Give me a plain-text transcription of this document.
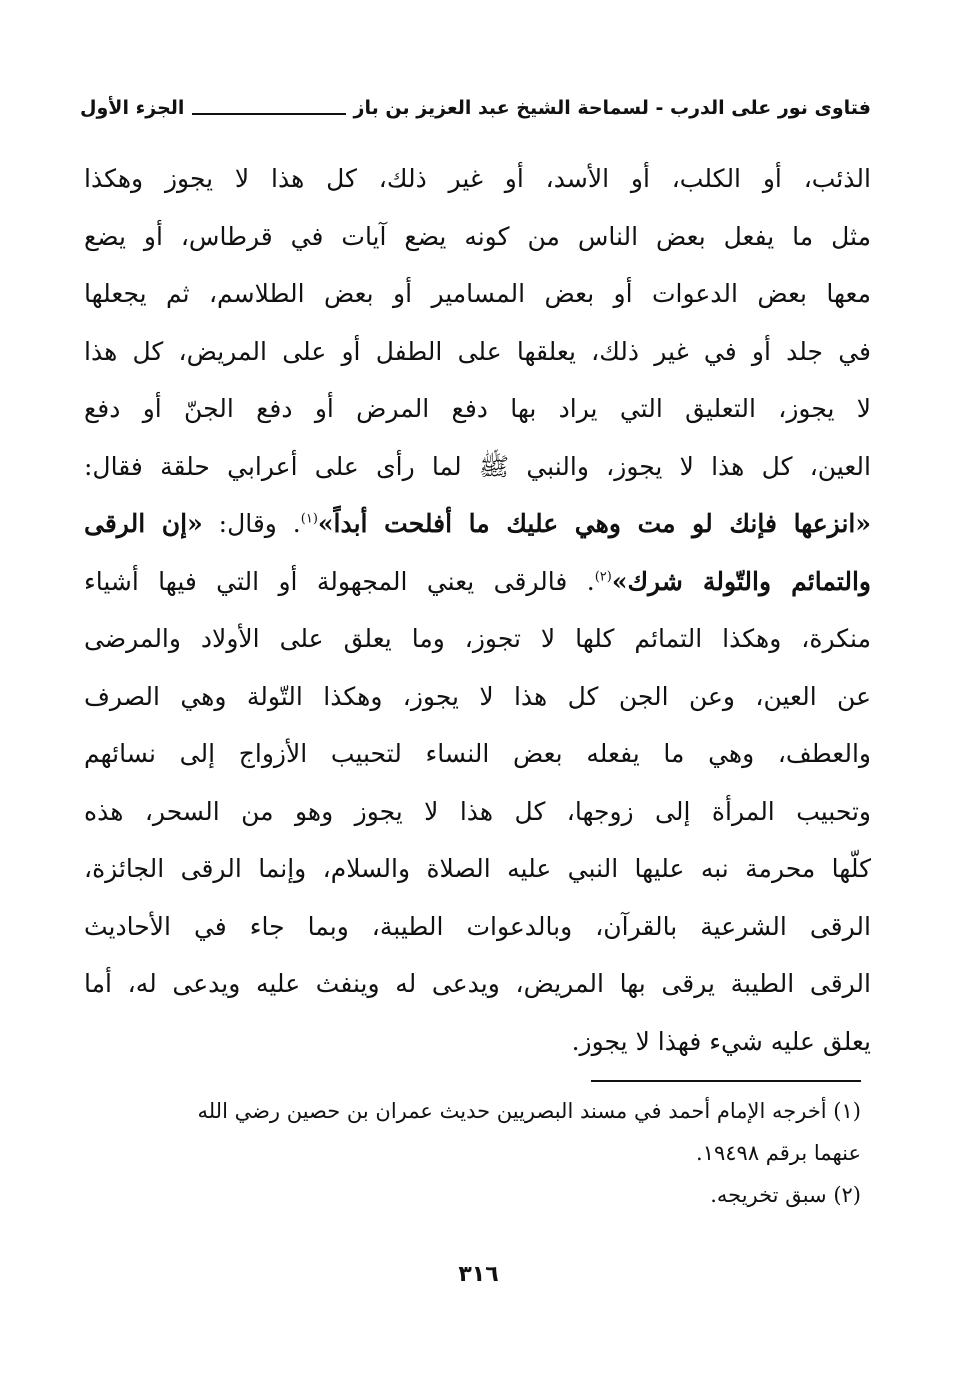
فتاوى نور على الدرب - لسماحة الشيخ عبد العزيز بن باز
الجزء الأول
الذئب، أو الكلب، أو الأسد، أو غير ذلك، كل هذا لا يجوز وهكذا
مثل ما يفعل بعض الناس من كونه يضع آيات في قرطاس، أو يضع
معها بعض الدعوات أو بعض المسامير أو بعض الطلاسم، ثم يجعلها
في جلد أو في غير ذلك، يعلقها على الطفل أو على المريض، كل هذا
لا يجوز، التعليق التي يراد بها دفع المرض أو دفع الجنّ أو دفع
العين، كل هذا لا يجوز، والنبي ﷺ لما رأى على أعرابي حلقة فقال:
«انزعها فإنك لو مت وهي عليك ما أفلحت أبداً»$^{(١)}$. وقال: «إن الرقى
والتمائم والتّولة شرك»$^{(٢)}$. فالرقى يعني المجهولة أو التي فيها أشياء
منكرة، وهكذا التمائم كلها لا تجوز، وما يعلق على الأولاد والمرضى
عن العين، وعن الجن كل هذا لا يجوز، وهكذا التّولة وهي الصرف
والعطف، وهي ما يفعله بعض النساء لتحبيب الأزواج إلى نسائهم
وتحبيب المرأة إلى زوجها، كل هذا لا يجوز وهو من السحر، هذه
كلّها محرمة نبه عليها النبي عليه الصلاة والسلام، وإنما الرقى الجائزة،
الرقى الشرعية بالقرآن، وبالدعوات الطيبة، وبما جاء في الأحاديث
الرقى الطيبة يرقى بها المريض، ويدعى له وينفث عليه ويدعى له، أما
يعلق عليه شيء فهذا لا يجوز.
(١) أخرجه الإمام أحمد في مسند البصريين حديث عمران بن حصين رضي الله
عنهما برقم ١٩٤٩٨.
(٢) سبق تخريجه.
٣١٦
